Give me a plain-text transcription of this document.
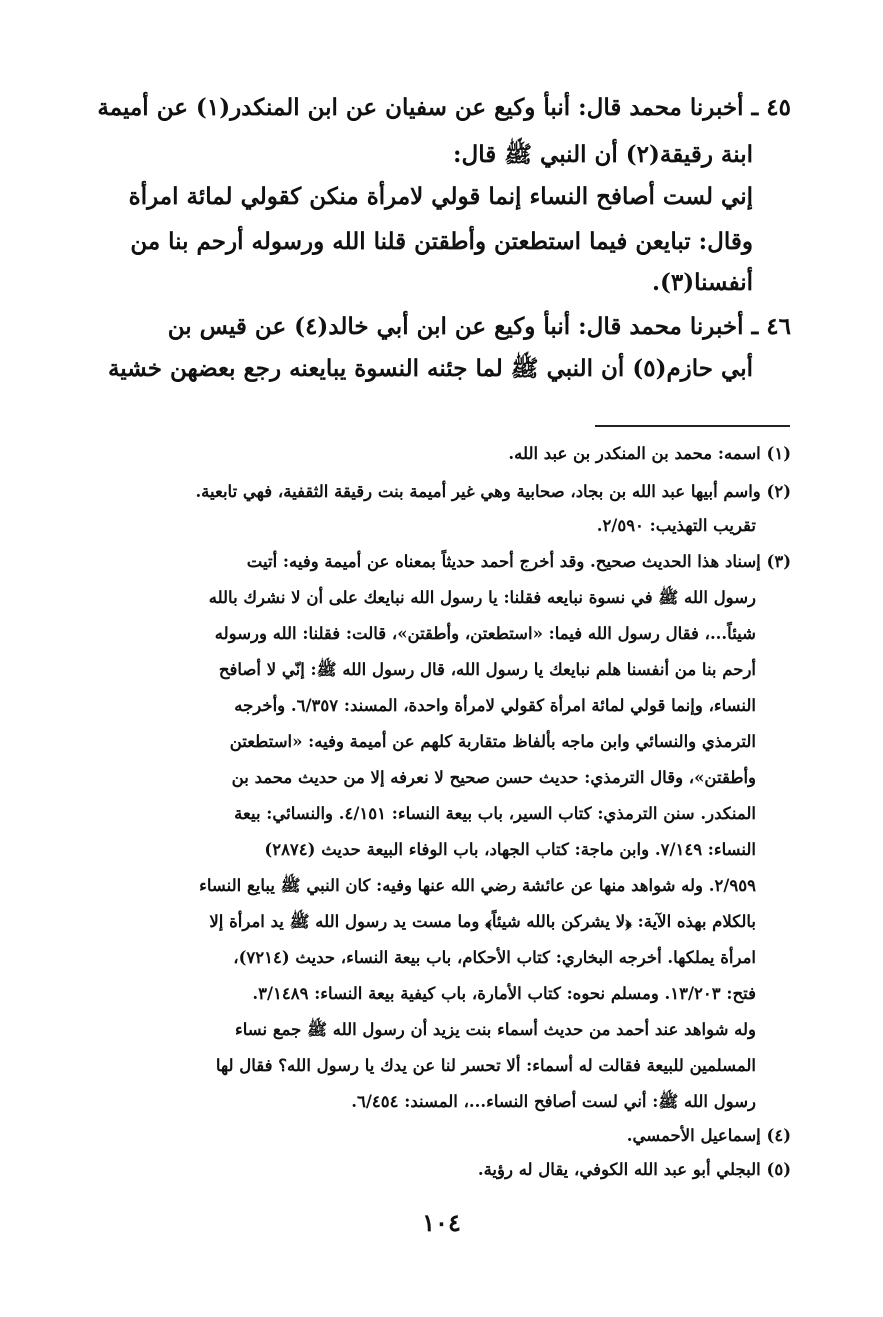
٤٥ ـ أخبرنا محمد قال: أنبأ وكيع عن سفيان عن ابن المنكدر(١) عن أميمة

ابنة رقيقة(٢) أن النبي ﷺ قال:

إني لست أصافح النساء إنما قولي لامرأة منكن كقولي لمائة امرأة

وقال: تبايعن فيما استطعتن وأطقتن قلنا الله ورسوله أرحم بنا من

أنفسنا(٣).

٤٦ ـ أخبرنا محمد قال: أنبأ وكيع عن ابن أبي خالد(٤) عن قيس بن

أبي حازم(٥) أن النبي ﷺ لما جئنه النسوة يبايعنه رجع بعضهن خشية

(١) اسمه: محمد بن المنكدر بن عبد الله.

(٢) واسم أبيها عبد الله بن بجاد، صحابية وهي غير أميمة بنت رقيقة الثقفية، فهي تابعية.

تقريب التهذيب: ٢/٥٩٠.

(٣) إسناد هذا الحديث صحيح. وقد أخرج أحمد حديثاً بمعناه عن أميمة وفيه: أتيت

رسول الله ﷺ في نسوة نبايعه فقلنا: يا رسول الله نبايعك على أن لا نشرك بالله

شيئاً...، فقال رسول الله فيما: «استطعتن، وأطقتن»، قالت: فقلنا: الله ورسوله

أرحم بنا من أنفسنا هلم نبايعك يا رسول الله، قال رسول الله ﷺ: إنّي لا أصافح

النساء، وإنما قولي لمائة امرأة كقولي لامرأة واحدة، المسند: ٦/٣٥٧. وأخرجه

الترمذي والنسائي وابن ماجه بألفاظ متقاربة كلهم عن أميمة وفيه: «استطعتن

وأطقتن»، وقال الترمذي: حديث حسن صحيح لا نعرفه إلا من حديث محمد بن

المنكدر. سنن الترمذي: كتاب السير، باب بيعة النساء: ٤/١٥١. والنسائي: بيعة

النساء: ٧/١٤٩. وابن ماجة: كتاب الجهاد، باب الوفاء البيعة حديث (٢٨٧٤)

٢/٩٥٩. وله شواهد منها عن عائشة رضي الله عنها وفيه: كان النبي ﷺ يبايع النساء

بالكلام بهذه الآية: ﴿لا يشركن بالله شيئاً﴾ وما مست يد رسول الله ﷺ يد امرأة إلا

امرأة يملكها. أخرجه البخاري: كتاب الأحكام، باب بيعة النساء، حديث (٧٢١٤)،

فتح: ١٣/٢٠٣. ومسلم نحوه: كتاب الأمارة، باب كيفية بيعة النساء: ٣/١٤٨٩.

وله شواهد عند أحمد من حديث أسماء بنت يزيد أن رسول الله ﷺ جمع نساء

المسلمين للبيعة فقالت له أسماء: ألا تحسر لنا عن يدك يا رسول الله؟ فقال لها

رسول الله ﷺ: أني لست أصافح النساء...، المسند: ٦/٤٥٤.

(٤) إسماعيل الأحمسي.

(٥) البجلي أبو عبد الله الكوفي، يقال له رؤية.

١٠٤
